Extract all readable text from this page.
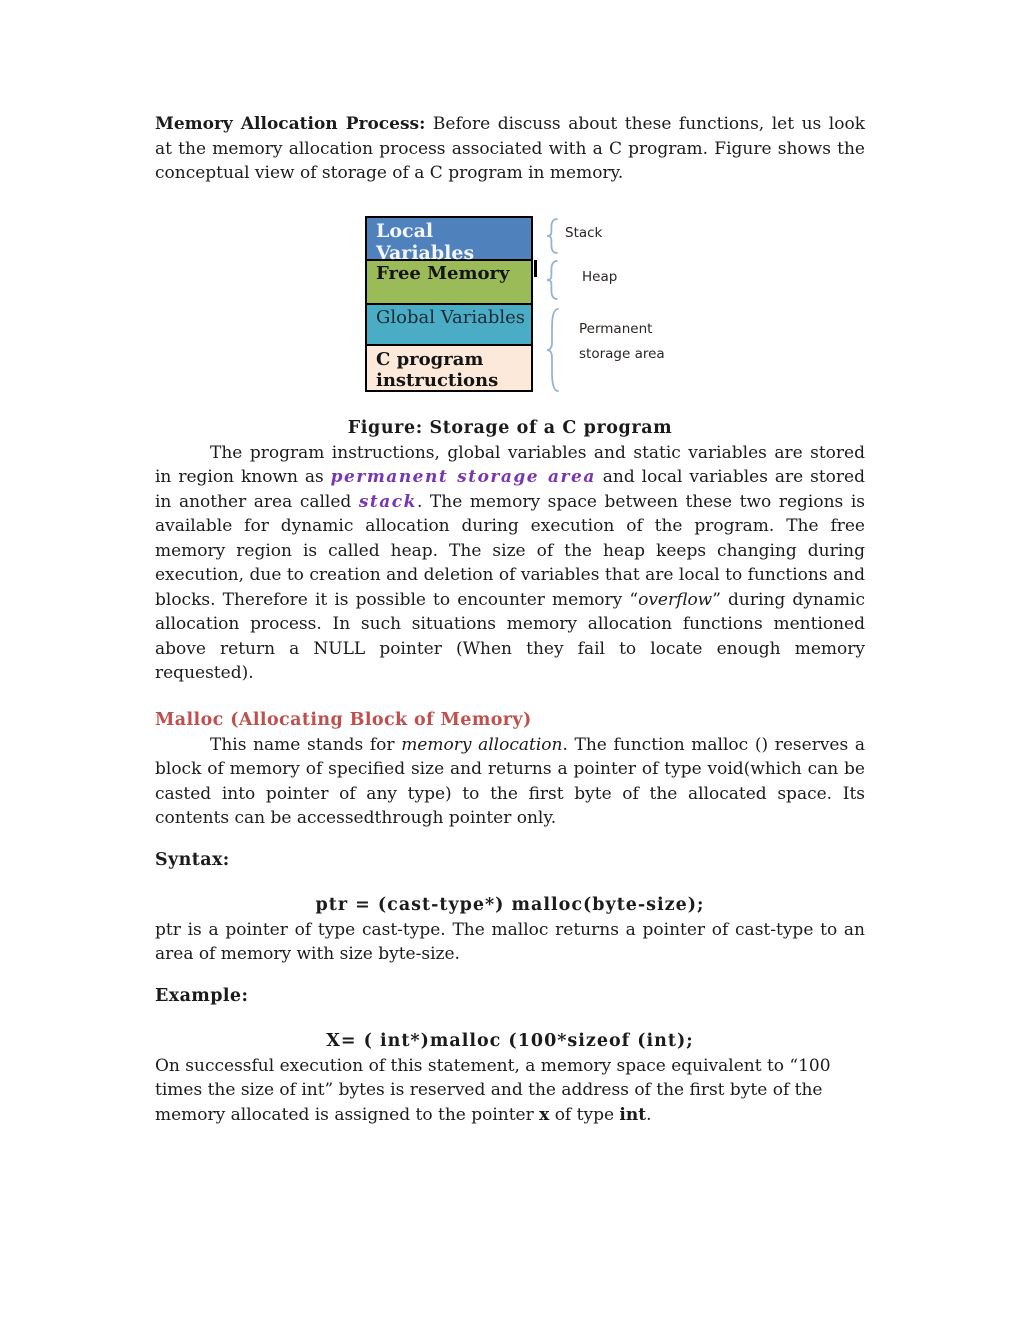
Memory Allocation Process: Before discuss about these functions, let us look at the memory allocation process associated with a C program. Figure shows the conceptual view of storage of a C program in memory.

Local Variables
Free Memory
Global Variables
C program instructions
Stack
Heap
Permanent storage area

Figure: Storage of a C program

The program instructions, global variables and static variables are stored in region known as permanent storage area and local variables are stored in another area called stack. The memory space between these two regions is available for dynamic allocation during execution of the program. The free memory region is called heap. The size of the heap keeps changing during execution, due to creation and deletion of variables that are local to functions and blocks. Therefore it is possible to encounter memory “overflow” during dynamic allocation process. In such situations memory allocation functions mentioned above return a NULL pointer (When they fail to locate enough memory requested).

Malloc (Allocating Block of Memory)

This name stands for memory allocation. The function malloc () reserves a block of memory of specified size and returns a pointer of type void(which can be casted into pointer of any type) to the first byte of the allocated space. Its contents can be accessedthrough pointer only.

Syntax:

ptr = (cast-type*) malloc(byte-size);

ptr is a pointer of type cast-type. The malloc returns a pointer of cast-type to an area of memory with size byte-size.

Example:

X= ( int*)malloc (100*sizeof (int);

On successful execution of this statement, a memory space equivalent to “100 times the size of int” bytes is reserved and the address of the first byte of the memory allocated is assigned to the pointer x of type int.
